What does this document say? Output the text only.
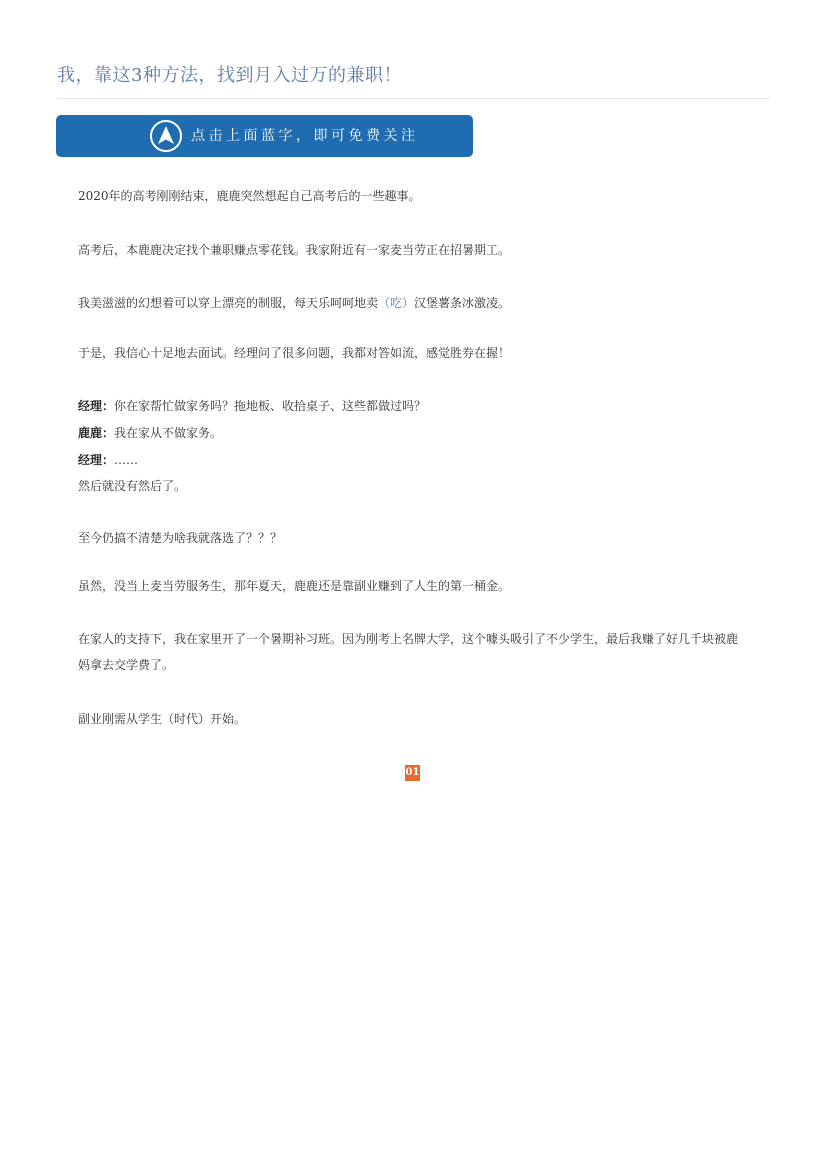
我，靠这3种方法，找到月入过万的兼职！
点击上面蓝字，即可免费关注
2020年的高考刚刚结束，鹿鹿突然想起自己高考后的一些趣事。
高考后，本鹿鹿决定找个兼职赚点零花钱。我家附近有一家麦当劳正在招暑期工。
我美滋滋的幻想着可以穿上漂亮的制服，每天乐呵呵地卖（吃）汉堡薯条冰激凌。
于是，我信心十足地去面试。经理问了很多问题，我都对答如流，感觉胜券在握！
经理：你在家帮忙做家务吗？拖地板、收拾桌子、这些都做过吗？
鹿鹿：我在家从不做家务。
经理：……
然后就没有然后了。
至今仍搞不清楚为啥我就落选了？？？
虽然，没当上麦当劳服务生，那年夏天，鹿鹿还是靠副业赚到了人生的第一桶金。
在家人的支持下，我在家里开了一个暑期补习班。因为刚考上名牌大学，这个噱头吸引了不少学生，最后我赚了好几千块被鹿妈拿去交学费了。
副业刚需从学生（时代）开始。
01
